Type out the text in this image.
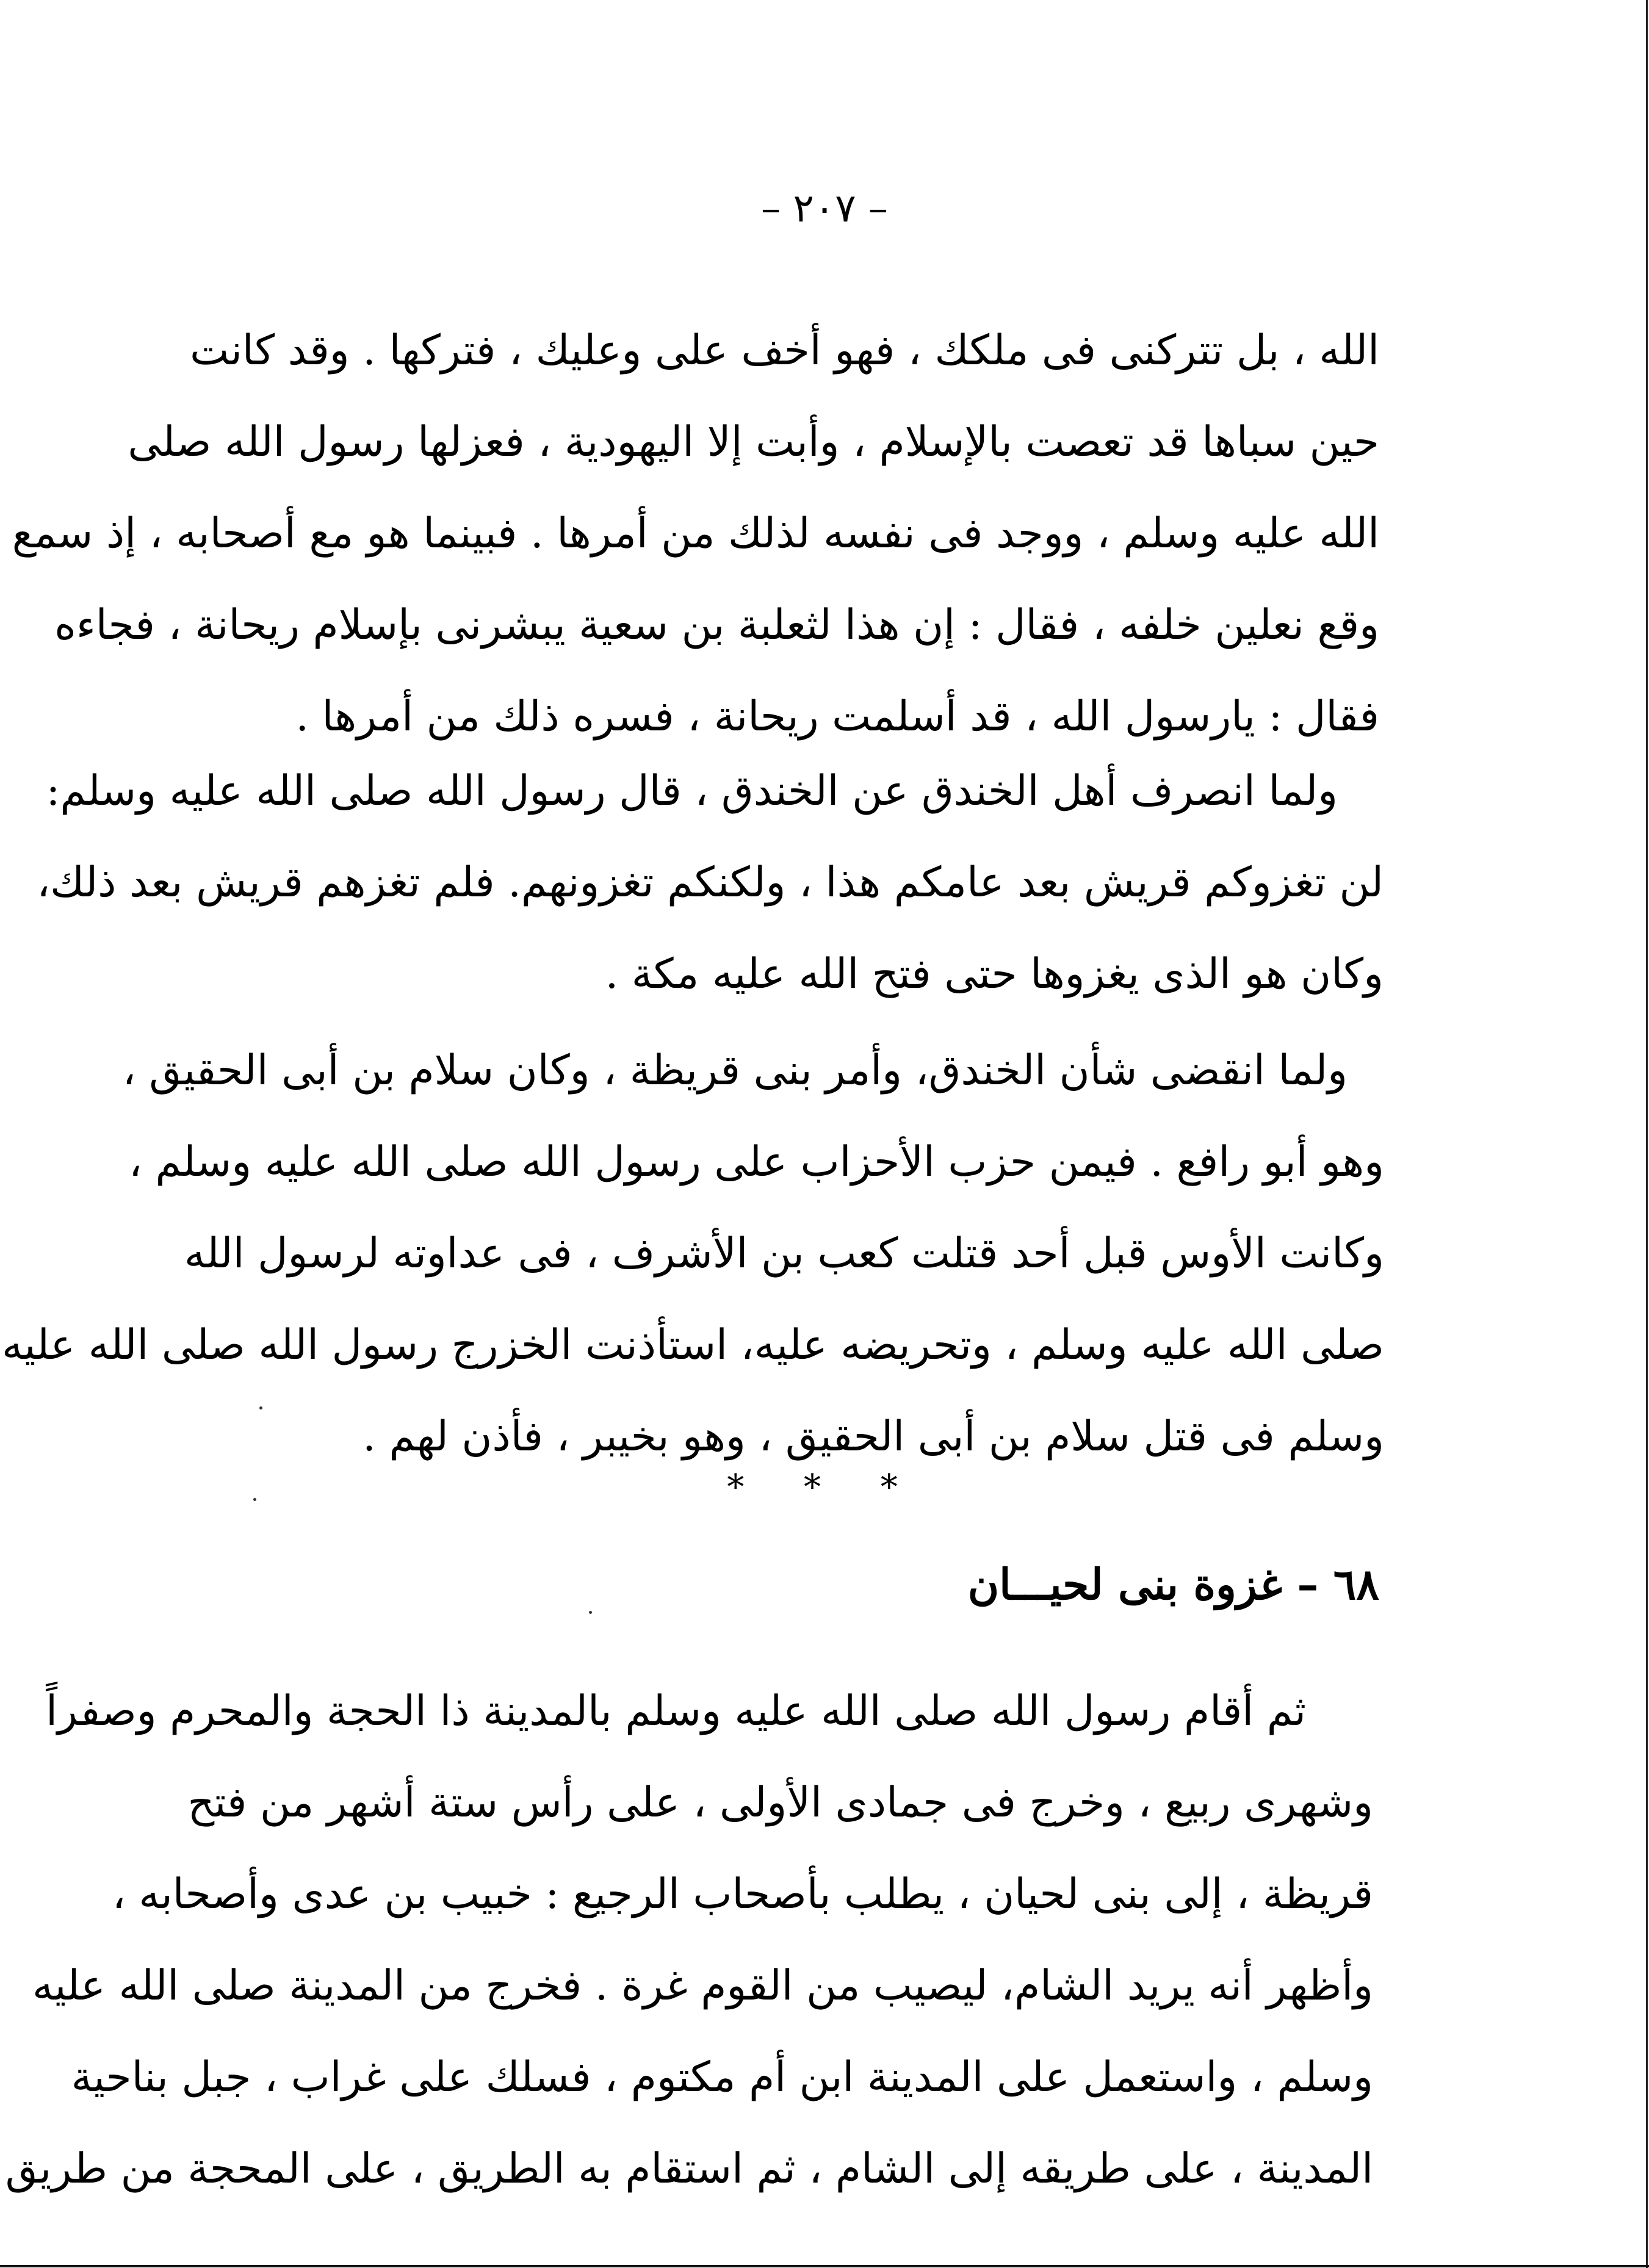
– ٢٠٧ –
الله ، بل تتركنى فى ملكك ، فهو أخف على وعليك ، فتركها . وقد كانت
حين سباها قد تعصت بالإسلام ، وأبت إلا اليهودية ، فعزلها رسول الله صلى
الله عليه وسلم ، ووجد فى نفسه لذلك من أمرها . فبينما هو مع أصحابه ، إذ سمع
وقع نعلين خلفه ، فقال : إن هذا لثعلبة بن سعية يبشرنى بإسلام ريحانة ، فجاءه
فقال : يارسول الله ، قد أسلمت ريحانة ، فسره ذلك من أمرها .
ولما انصرف أهل الخندق عن الخندق ، قال رسول الله صلى الله عليه وسلم:
لن تغزوكم قريش بعد عامكم هذا ، ولكنكم تغزونهم. فلم تغزهم قريش بعد ذلك،
وكان هو الذى يغزوها حتى فتح الله عليه مكة .
ولما انقضى شأن الخندق، وأمر بنى قريظة ، وكان سلام بن أبى الحقيق ،
وهو أبو رافع . فيمن حزب الأحزاب على رسول الله صلى الله عليه وسلم ،
وكانت الأوس قبل أحد قتلت كعب بن الأشرف ، فى عداوته لرسول الله
صلى الله عليه وسلم ، وتحريضه عليه، استأذنت الخزرج رسول الله صلى الله عليه
وسلم فى قتل سلام بن أبى الحقيق ، وهو بخيبر ، فأذن لهم .
* * *
٦٨ – غزوة بنى لحيـــان
ثم أقام رسول الله صلى الله عليه وسلم بالمدينة ذا الحجة والمحرم وصفراً
وشهرى ربيع ، وخرج فى جمادى الأولى ، على رأس ستة أشهر من فتح
قريظة ، إلى بنى لحيان ، يطلب بأصحاب الرجيع : خبيب بن عدى وأصحابه ،
وأظهر أنه يريد الشام، ليصيب من القوم غرة . فخرج من المدينة صلى الله عليه
وسلم ، واستعمل على المدينة ابن أم مكتوم ، فسلك على غراب ، جبل بناحية
المدينة ، على طريقه إلى الشام ، ثم استقام به الطريق ، على المحجة من طريق
